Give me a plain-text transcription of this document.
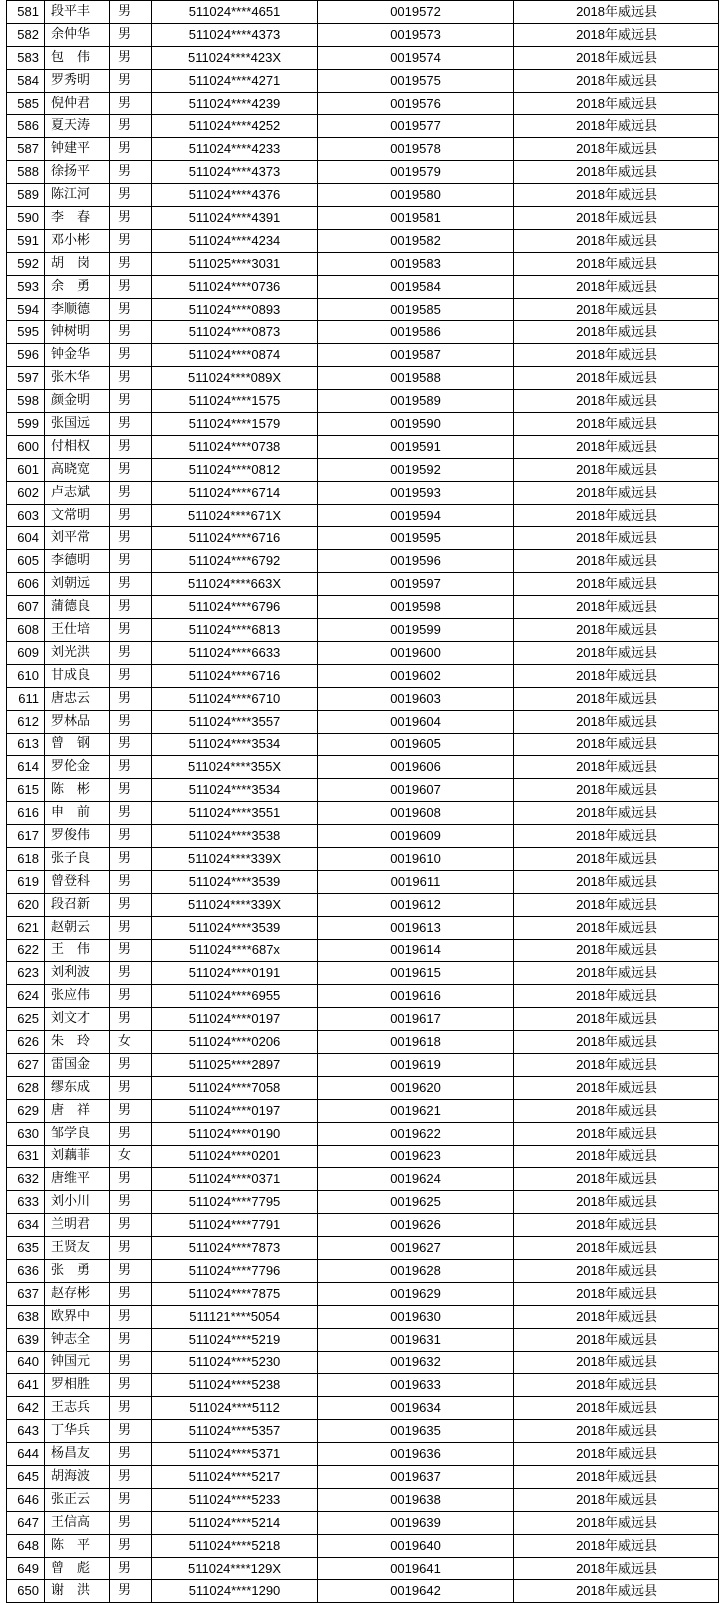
581	段平丰	男	511024****4651	0019572	2018年威远县
582	余仲华	男	511024****4373	0019573	2018年威远县
583	包　伟	男	511024****423X	0019574	2018年威远县
584	罗秀明	男	511024****4271	0019575	2018年威远县
585	倪仲君	男	511024****4239	0019576	2018年威远县
586	夏天涛	男	511024****4252	0019577	2018年威远县
587	钟建平	男	511024****4233	0019578	2018年威远县
588	徐扬平	男	511024****4373	0019579	2018年威远县
589	陈江河	男	511024****4376	0019580	2018年威远县
590	李　春	男	511024****4391	0019581	2018年威远县
591	邓小彬	男	511024****4234	0019582	2018年威远县
592	胡　岗	男	511025****3031	0019583	2018年威远县
593	余　勇	男	511024****0736	0019584	2018年威远县
594	李顺德	男	511024****0893	0019585	2018年威远县
595	钟树明	男	511024****0873	0019586	2018年威远县
596	钟金华	男	511024****0874	0019587	2018年威远县
597	张木华	男	511024****089X	0019588	2018年威远县
598	颜金明	男	511024****1575	0019589	2018年威远县
599	张国远	男	511024****1579	0019590	2018年威远县
600	付相权	男	511024****0738	0019591	2018年威远县
601	高晓宽	男	511024****0812	0019592	2018年威远县
602	卢志斌	男	511024****6714	0019593	2018年威远县
603	文常明	男	511024****671X	0019594	2018年威远县
604	刘平常	男	511024****6716	0019595	2018年威远县
605	李德明	男	511024****6792	0019596	2018年威远县
606	刘朝远	男	511024****663X	0019597	2018年威远县
607	蒲德良	男	511024****6796	0019598	2018年威远县
608	王仕培	男	511024****6813	0019599	2018年威远县
609	刘光洪	男	511024****6633	0019600	2018年威远县
610	甘成良	男	511024****6716	0019602	2018年威远县
611	唐忠云	男	511024****6710	0019603	2018年威远县
612	罗林品	男	511024****3557	0019604	2018年威远县
613	曾　钢	男	511024****3534	0019605	2018年威远县
614	罗伦金	男	511024****355X	0019606	2018年威远县
615	陈　彬	男	511024****3534	0019607	2018年威远县
616	申　前	男	511024****3551	0019608	2018年威远县
617	罗俊伟	男	511024****3538	0019609	2018年威远县
618	张子良	男	511024****339X	0019610	2018年威远县
619	曾登科	男	511024****3539	0019611	2018年威远县
620	段召新	男	511024****339X	0019612	2018年威远县
621	赵朝云	男	511024****3539	0019613	2018年威远县
622	王　伟	男	511024****687x	0019614	2018年威远县
623	刘利波	男	511024****0191	0019615	2018年威远县
624	张应伟	男	511024****6955	0019616	2018年威远县
625	刘文才	男	511024****0197	0019617	2018年威远县
626	朱　玲	女	511024****0206	0019618	2018年威远县
627	雷国金	男	511025****2897	0019619	2018年威远县
628	缪东成	男	511024****7058	0019620	2018年威远县
629	唐　祥	男	511024****0197	0019621	2018年威远县
630	邹学良	男	511024****0190	0019622	2018年威远县
631	刘藕菲	女	511024****0201	0019623	2018年威远县
632	唐维平	男	511024****0371	0019624	2018年威远县
633	刘小川	男	511024****7795	0019625	2018年威远县
634	兰明君	男	511024****7791	0019626	2018年威远县
635	王贤友	男	511024****7873	0019627	2018年威远县
636	张　勇	男	511024****7796	0019628	2018年威远县
637	赵存彬	男	511024****7875	0019629	2018年威远县
638	欧界中	男	511121****5054	0019630	2018年威远县
639	钟志全	男	511024****5219	0019631	2018年威远县
640	钟国元	男	511024****5230	0019632	2018年威远县
641	罗相胜	男	511024****5238	0019633	2018年威远县
642	王志兵	男	511024****5112	0019634	2018年威远县
643	丁华兵	男	511024****5357	0019635	2018年威远县
644	杨昌友	男	511024****5371	0019636	2018年威远县
645	胡海波	男	511024****5217	0019637	2018年威远县
646	张正云	男	511024****5233	0019638	2018年威远县
647	王信高	男	511024****5214	0019639	2018年威远县
648	陈　平	男	511024****5218	0019640	2018年威远县
649	曾　彪	男	511024****129X	0019641	2018年威远县
650	谢　洪	男	511024****1290	0019642	2018年威远县
